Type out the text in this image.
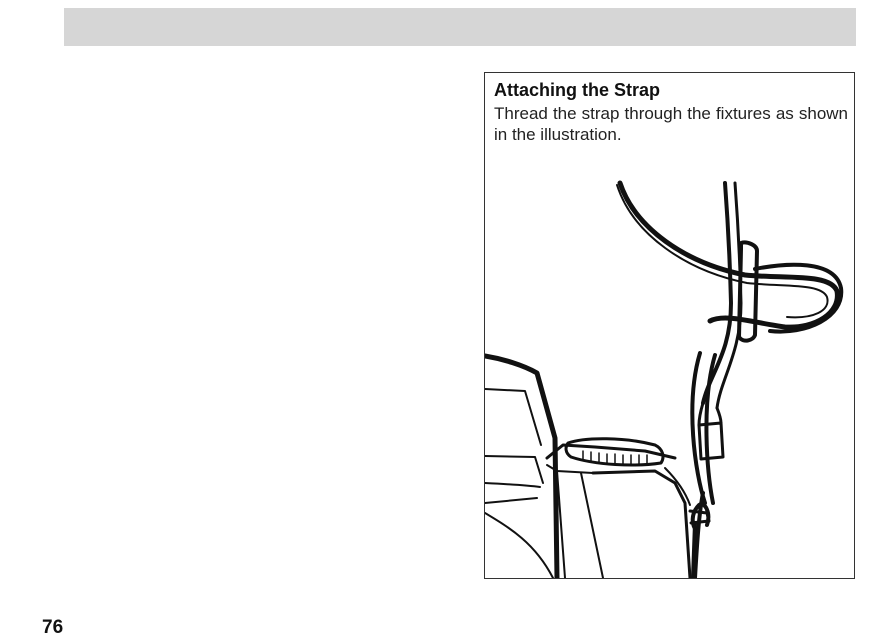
Attaching the Strap
Thread the strap through the fixtures as shown in the illustration.
76
